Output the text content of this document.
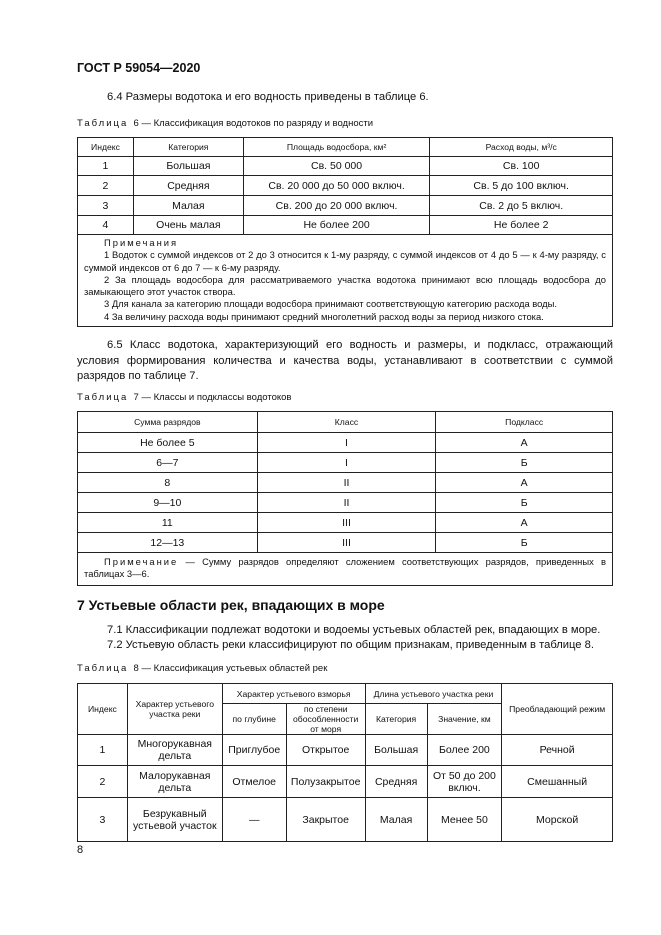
ГОСТ Р 59054—2020
6.4 Размеры водотока и его водность приведены в таблице 6.
Таблица 6 — Классификация водотоков по разряду и водности
Индекс	Категория	Площадь водосбора, км²	Расход воды, м³/с
1	Большая	Св. 50 000	Св. 100
2	Средняя	Св. 20 000 до 50 000 включ.	Св. 5 до 100 включ.
3	Малая	Св. 200 до 20 000 включ.	Св. 2 до 5 включ.
4	Очень малая	Не более 200	Не более 2

Примечания

1 Водоток с суммой индексов от 2 до 3 относится к 1-му разряду, с суммой индексов от 4 до 5 — к 4-му разряду, с суммой индексов от 6 до 7 — к 6-му разряду.

2 За площадь водосбора для рассматриваемого участка водотока принимают всю площадь водосбора до замыкающего этот участок створа.

3 Для канала за категорию площади водосбора принимают соответствующую категорию расхода воды.

4 За величину расхода воды принимают средний многолетний расход воды за период низкого стока.			

6.5 Класс водотока, характеризующий его водность и размеры, и подкласс, отражающий условия формирования количества и качества воды, устанавливают в соответствии с суммой разрядов по таблице 7.
Таблица 7 — Классы и подклассы водотоков
Сумма разрядов	Класс	Подкласс
Не более 5	I	А
6—7	I	Б
8	II	А
9—10	II	Б
11	III	А
12—13	III	Б

Примечание — Сумму разрядов определяют сложением соответствующих разрядов, приведенных в таблицах 3—6.		

7 Устьевые области рек, впадающих в море
7.1 Классификации подлежат водотоки и водоемы устьевых областей рек, впадающих в море.
7.2 Устьевую область реки классифицируют по общим признакам, приведенным в таблице 8.
Таблица 8 — Классификация устьевых областей рек
Индекс	Характер устьевого участка реки	Характер устьевого взморья		Длина устьевого участка реки		Преобладающий режим
		по глубине	по степени обособленности от моря	Категория	Значение, км	
1	Многорукавная дельта	Приглубое	Открытое	Большая	Более 200	Речной
2	Малорукавная дельта	Отмелое	Полузакрытое	Средняя	От 50 до 200 включ.	Смешанный
3	Безрукавный устьевой участок	—	Закрытое	Малая	Менее 50	Морской
8
